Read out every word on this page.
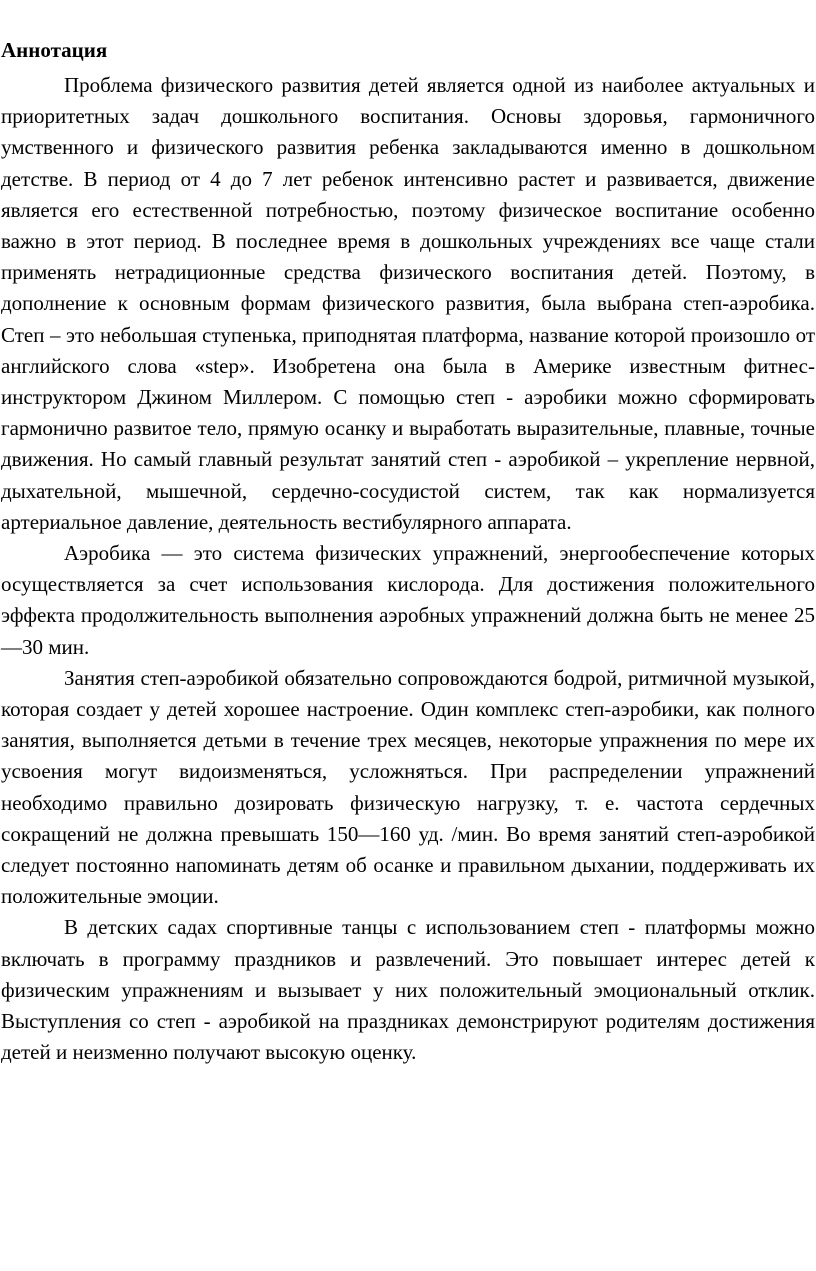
Аннотация

Проблема физического развития детей является одной из наиболее актуальных и приоритетных задач дошкольного воспитания. Основы здоровья, гармоничного умственного и физического развития ребенка закладываются именно в дошкольном детстве. В период от 4 до 7 лет ребенок интенсивно растет и развивается, движение является его естественной потребностью, поэтому физическое воспитание особенно важно в этот период. В последнее время в дошкольных учреждениях все чаще стали применять нетрадиционные средства физического воспитания детей. Поэтому, в дополнение к основным формам физического развития, была выбрана степ-аэробика. Степ – это небольшая ступенька, приподнятая платформа, название которой произошло от английского слова «step». Изобретена она была в Америке известным фитнес-инструктором Джином Миллером. С помощью степ - аэробики можно сформировать гармонично развитое тело, прямую осанку и выработать выразительные, плавные, точные движения. Но самый главный результат занятий степ - аэробикой – укрепление нервной, дыхательной, мышечной, сердечно-сосудистой систем, так как нормализуется артериальное давление, деятельность вестибулярного аппарата.

Аэробика — это система физических упражнений, энергообеспечение которых осуществляется за счет использования кислорода. Для достижения положительного эффекта продолжительность выполнения аэробных упражнений должна быть не менее 25—30 мин.

Занятия степ-аэробикой обязательно сопровождаются бодрой, ритмичной музыкой, которая создает у детей хорошее настроение. Один комплекс степ-аэробики, как полного занятия, выполняется детьми в течение трех месяцев, некоторые упражнения по мере их усвоения могут видоизменяться, усложняться. При распределении упражнений необходимо правильно дозировать физическую нагрузку, т. е. частота сердечных сокращений не должна превышать 150—160 уд. /мин. Во время занятий степ-аэробикой следует постоянно напоминать детям об осанке и правильном дыхании, поддерживать их положительные эмоции.

В детских садах спортивные танцы с использованием степ - платформы можно включать в программу праздников и развлечений. Это повышает интерес детей к физическим упражнениям и вызывает у них положительный эмоциональный отклик. Выступления со степ - аэробикой на праздниках демонстрируют родителям достижения детей и неизменно получают высокую оценку.
